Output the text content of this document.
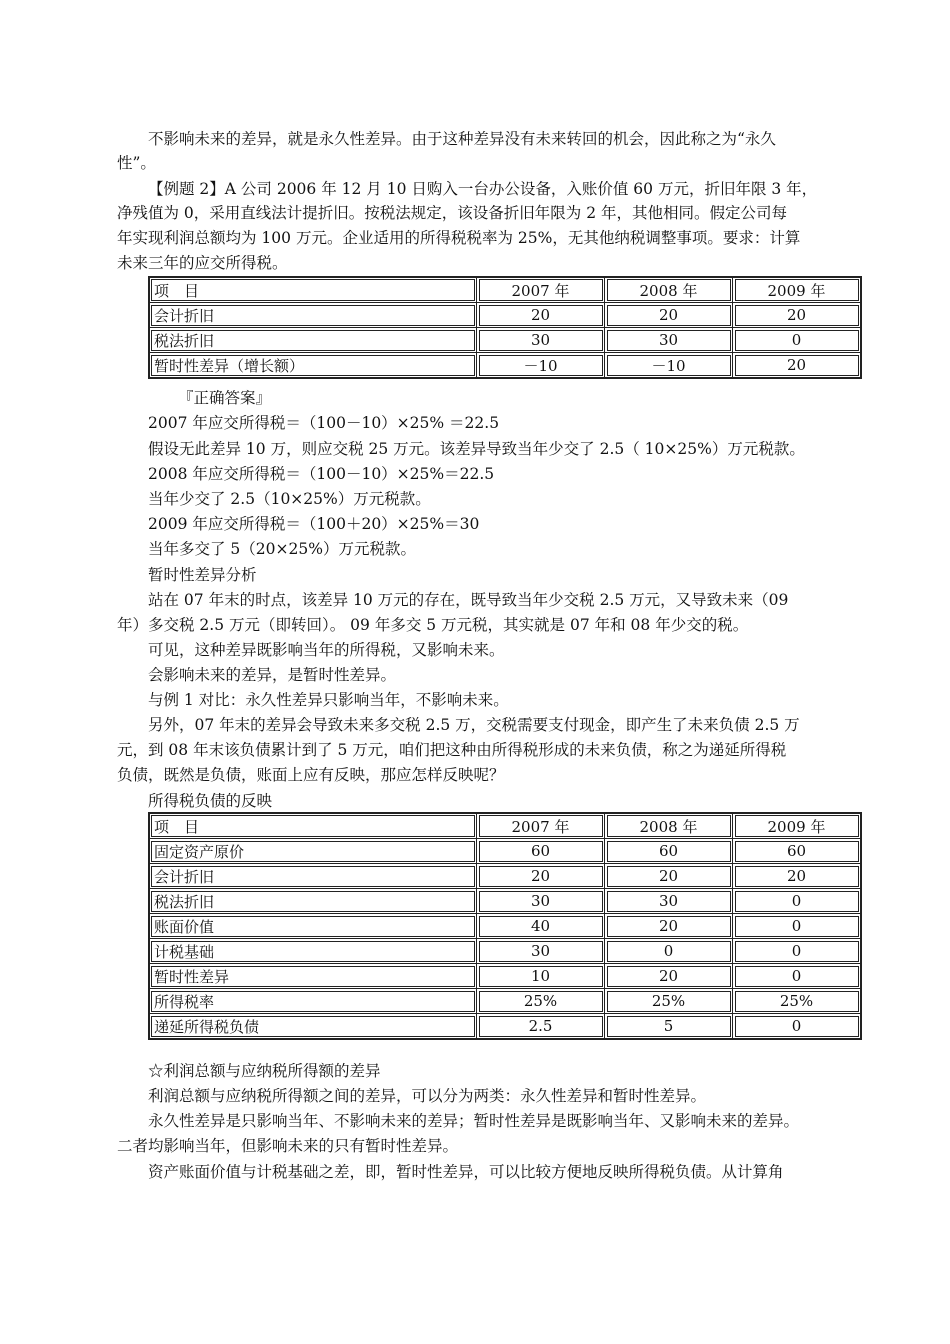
不影响未来的差异，就是永久性差异。由于这种差异没有未来转回的机会，因此称之为“永久
性”。
【例题 2】A 公司 2006 年 12 月 10 日购入一台办公设备，入账价值 60 万元，折旧年限 3 年，
净残值为 0，采用直线法计提折旧。按税法规定，该设备折旧年限为 2 年，其他相同。假定公司每
年实现利润总额均为 100 万元。企业适用的所得税税率为 25%，无其他纳税调整事项。要求：计算
未来三年的应交所得税。
项　目	2007 年	2008 年	2009 年
会计折旧	20	20	20
税法折旧	30	30	0
暂时性差异（增长额）	－10	－10	20
『正确答案』
2007 年应交所得税＝（100－10）×25% ＝22.5
假设无此差异 10 万，则应交税 25 万元。该差异导致当年少交了 2.5（ 10×25%）万元税款。
2008 年应交所得税＝（100－10）×25%＝22.5
当年少交了 2.5（10×25%）万元税款。
2009 年应交所得税＝（100＋20）×25%＝30
当年多交了 5（20×25%）万元税款。
暂时性差异分析
站在 07 年末的时点，该差异 10 万元的存在，既导致当年少交税 2.5 万元，又导致未来（09
年）多交税 2.5 万元（即转回）。 09 年多交 5 万元税，其实就是 07 年和 08 年少交的税。
可见，这种差异既影响当年的所得税，又影响未来。
会影响未来的差异，是暂时性差异。
与例 1 对比：永久性差异只影响当年，不影响未来。
另外，07 年末的差异会导致未来多交税 2.5 万，交税需要支付现金，即产生了未来负债 2.5 万
元，到 08 年末该负债累计到了 5 万元，咱们把这种由所得税形成的未来负债，称之为递延所得税
负债，既然是负债，账面上应有反映，那应怎样反映呢？
所得税负债的反映
项　目	2007 年	2008 年	2009 年
固定资产原价	60	60	60
会计折旧	20	20	20
税法折旧	30	30	0
账面价值	40	20	0
计税基础	30	0	0
暂时性差异	10	20	0
所得税率	25%	25%	25%
递延所得税负债	2.5	5	0
☆利润总额与应纳税所得额的差异
利润总额与应纳税所得额之间的差异，可以分为两类：永久性差异和暂时性差异。
永久性差异是只影响当年、不影响未来的差异；暂时性差异是既影响当年、又影响未来的差异。
二者均影响当年，但影响未来的只有暂时性差异。
资产账面价值与计税基础之差，即，暂时性差异，可以比较方便地反映所得税负债。从计算角
